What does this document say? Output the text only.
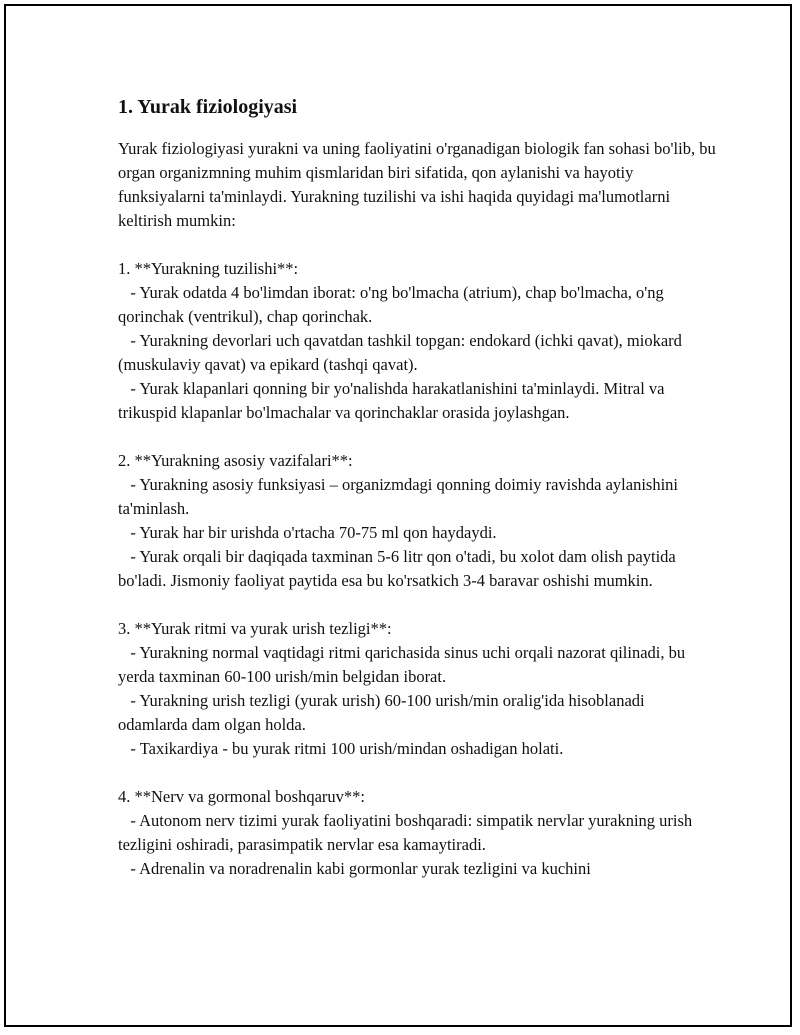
1. Yurak fiziologiyasi

Yurak fiziologiyasi yurakni va uning faoliyatini o'rganadigan biologik fan sohasi bo'lib, bu organ organizmning muhim qismlaridan biri sifatida, qon aylanishi va hayotiy funksiyalarni ta'minlaydi. Yurakning tuzilishi va ishi haqida quyidagi ma'lumotlarni keltirish mumkin:

1. **Yurakning tuzilishi**:

- Yurak odatda 4 bo'limdan iborat: o'ng bo'lmacha (atrium), chap bo'lmacha, o'ng qorinchak (ventrikul), chap qorinchak.

- Yurakning devorlari uch qavatdan tashkil topgan: endokard (ichki qavat), miokard (muskulaviy qavat) va epikard (tashqi qavat).

- Yurak klapanlari qonning bir yo'nalishda harakatlanishini ta'minlaydi. Mitral va trikuspid klapanlar bo'lmachalar va qorinchaklar orasida joylashgan.

2. **Yurakning asosiy vazifalari**:

- Yurakning asosiy funksiyasi – organizmdagi qonning doimiy ravishda aylanishini ta'minlash.

- Yurak har bir urishda o'rtacha 70-75 ml qon haydaydi.

- Yurak orqali bir daqiqada taxminan 5-6 litr qon o'tadi, bu xolot dam olish paytida bo'ladi. Jismoniy faoliyat paytida esa bu ko'rsatkich 3-4 baravar oshishi mumkin.

3. **Yurak ritmi va yurak urish tezligi**:

- Yurakning normal vaqtidagi ritmi qarichasida sinus uchi orqali nazorat qilinadi, bu yerda taxminan 60-100 urish/min belgidan iborat.

- Yurakning urish tezligi (yurak urish) 60-100 urish/min oralig'ida hisoblanadi odamlarda dam olgan holda.

- Taxikardiya - bu yurak ritmi 100 urish/mindan oshadigan holati.

4. **Nerv va gormonal boshqaruv**:

- Autonom nerv tizimi yurak faoliyatini boshqaradi: simpatik nervlar yurakning urish tezligini oshiradi, parasimpatik nervlar esa kamaytiradi.

- Adrenalin va noradrenalin kabi gormonlar yurak tezligini va kuchini
